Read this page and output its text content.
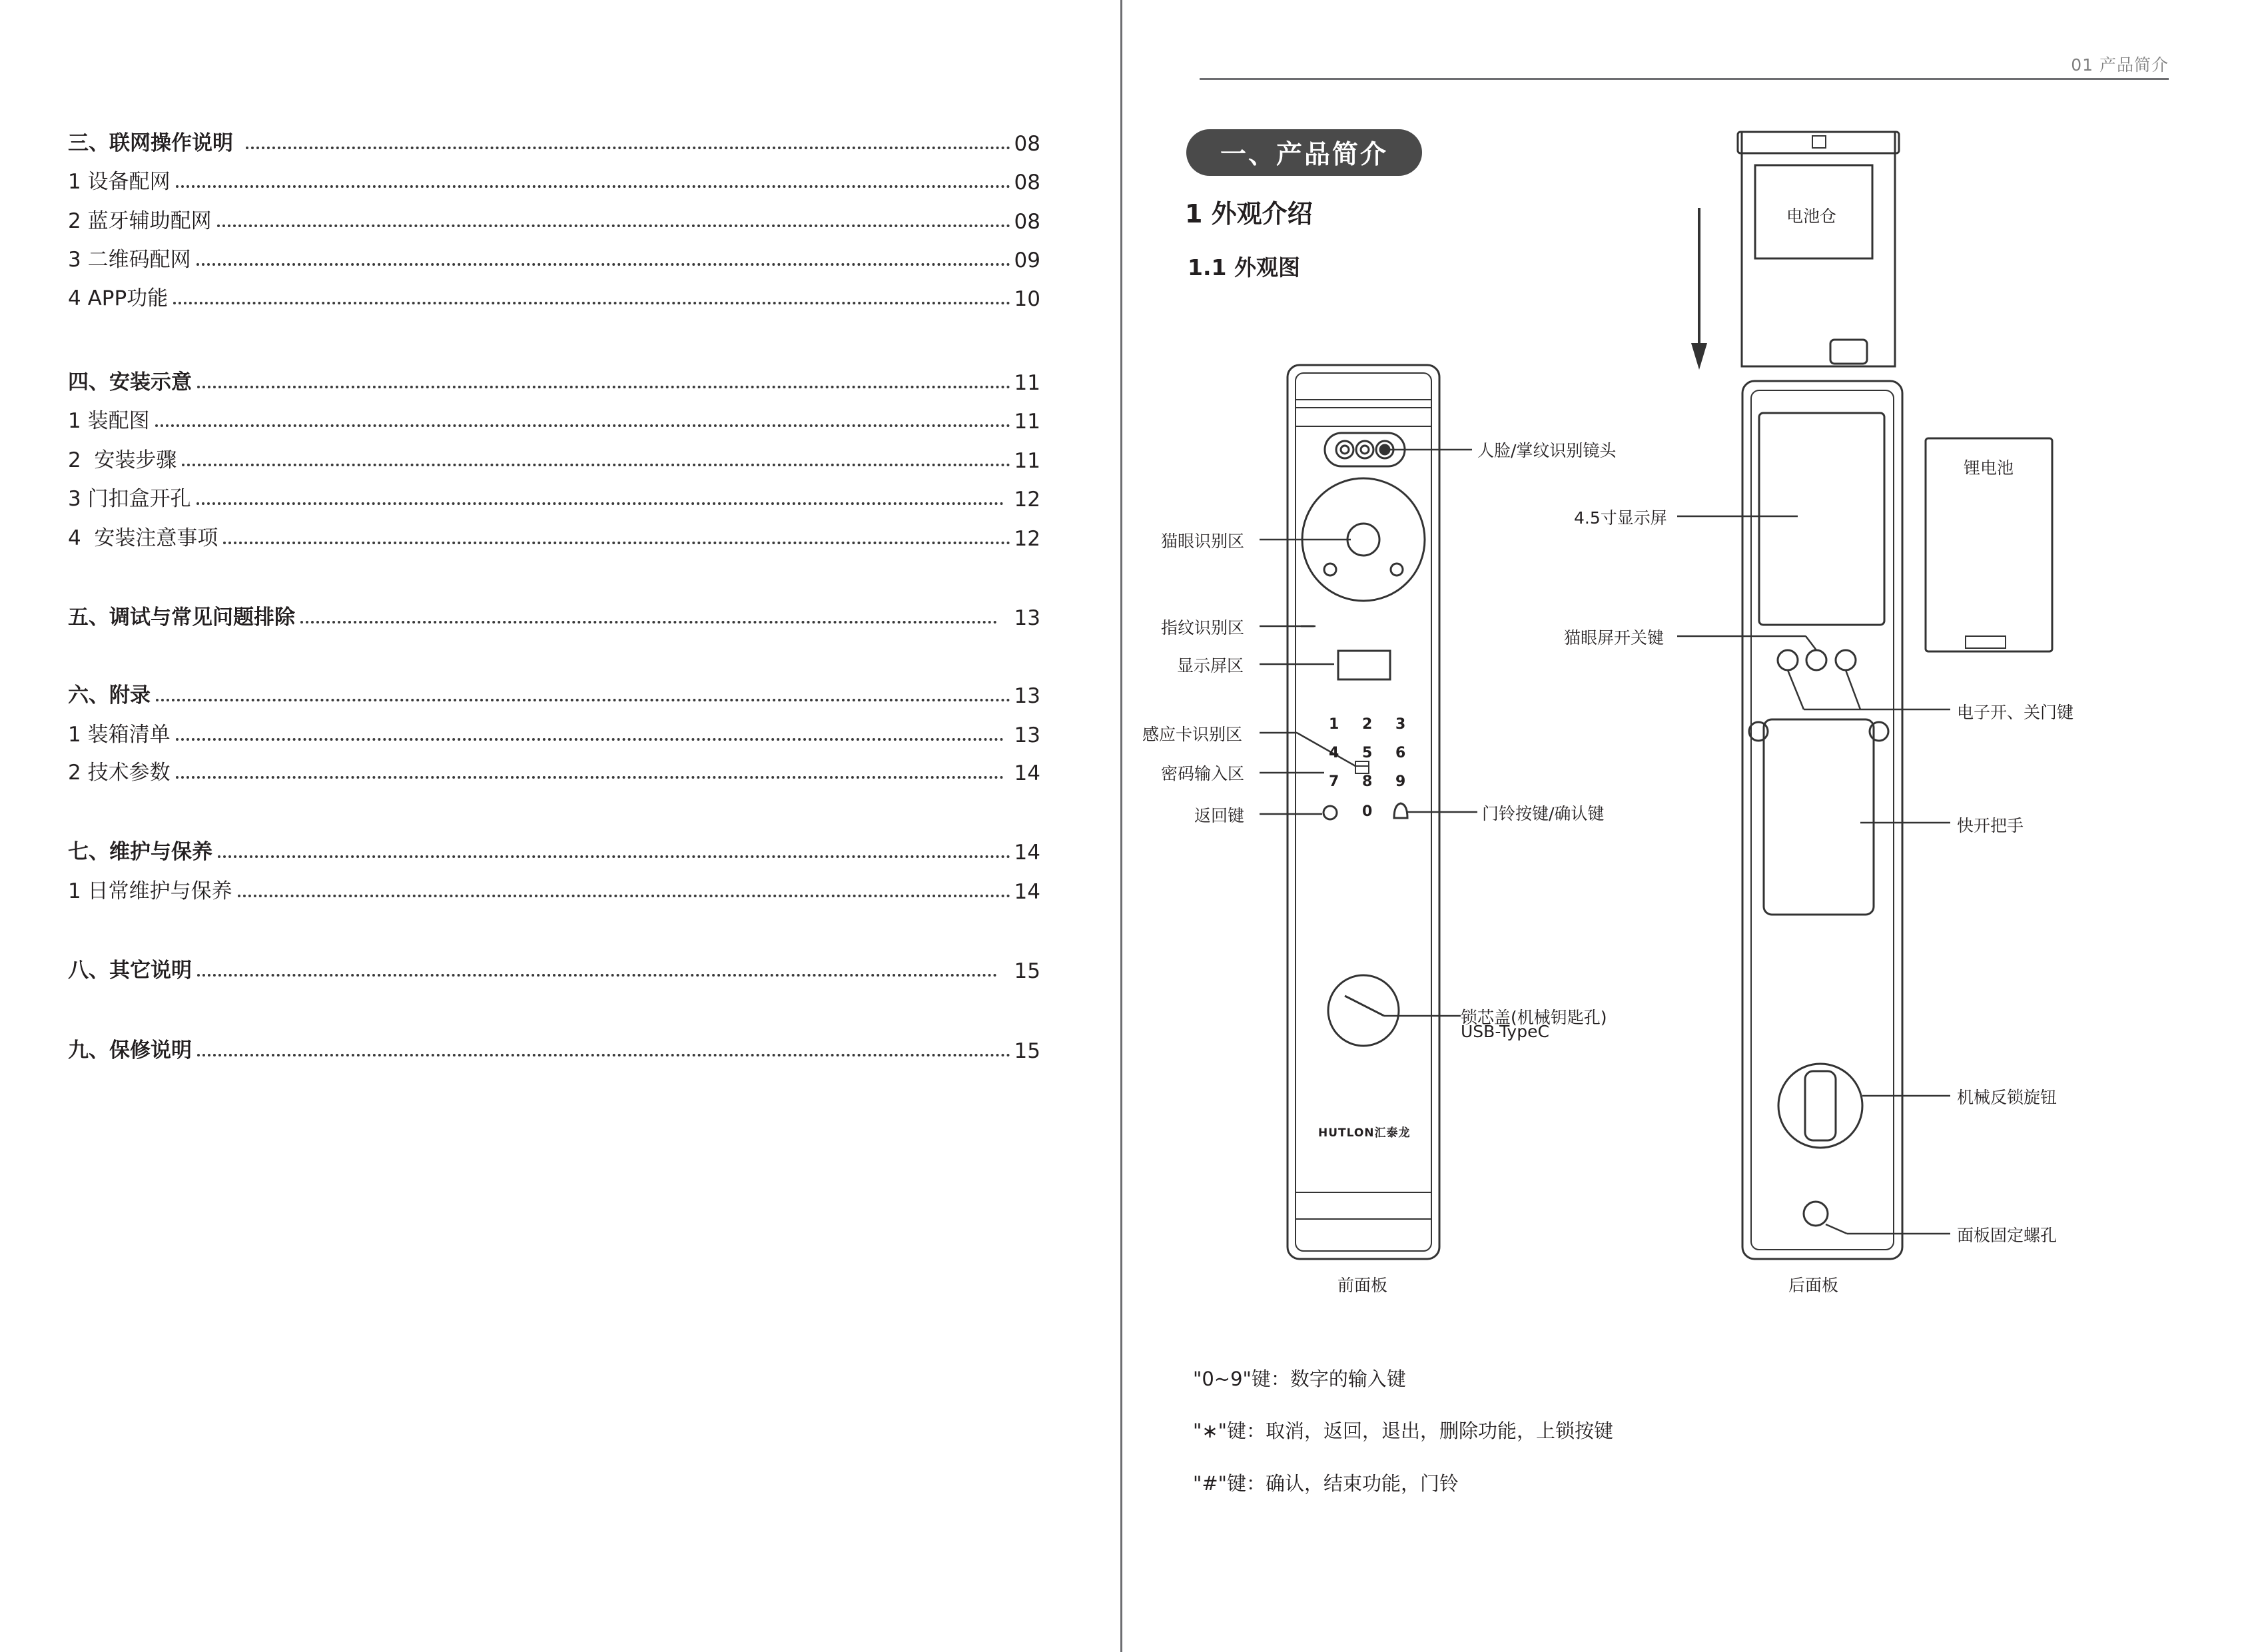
三、联网操作说明	08
1 设备配网	08
2 蓝牙辅助配网	08
3 二维码配网	09
4 APP功能	10
四、安装示意	11
1 装配图	11
2  安装步骤	11
3 门扣盒开孔	12
4  安装注意事项	12
五、调试与常见问题排除	13
六、附录	13
1 装箱清单	13
2 技术参数	14
七、维护与保养	14
1 日常维护与保养	14
八、其它说明	15
九、保修说明	15
01 产品简介
一、产品简介
1 外观介绍
1.1 外观图
1 2 3
4 5 6
7 8 9
0
HUTLON汇泰龙
人脸/掌纹识别镜头
猫眼识别区
指纹识别区
显示屏区
感应卡识别区
密码输入区
返回键	门铃按键/确认键
锁芯盖(机械钥匙孔)
USB-TypeC
电池仓
锂电池
4.5寸显示屏
猫眼屏开关键
电子开、关门键
快开把手
机械反锁旋钮
面板固定螺孔
前面板	后面板
"0~9"键：数字的输入键
"∗"键：取消，返回，退出，删除功能，上锁按键
"#"键：确认，结束功能，门铃
